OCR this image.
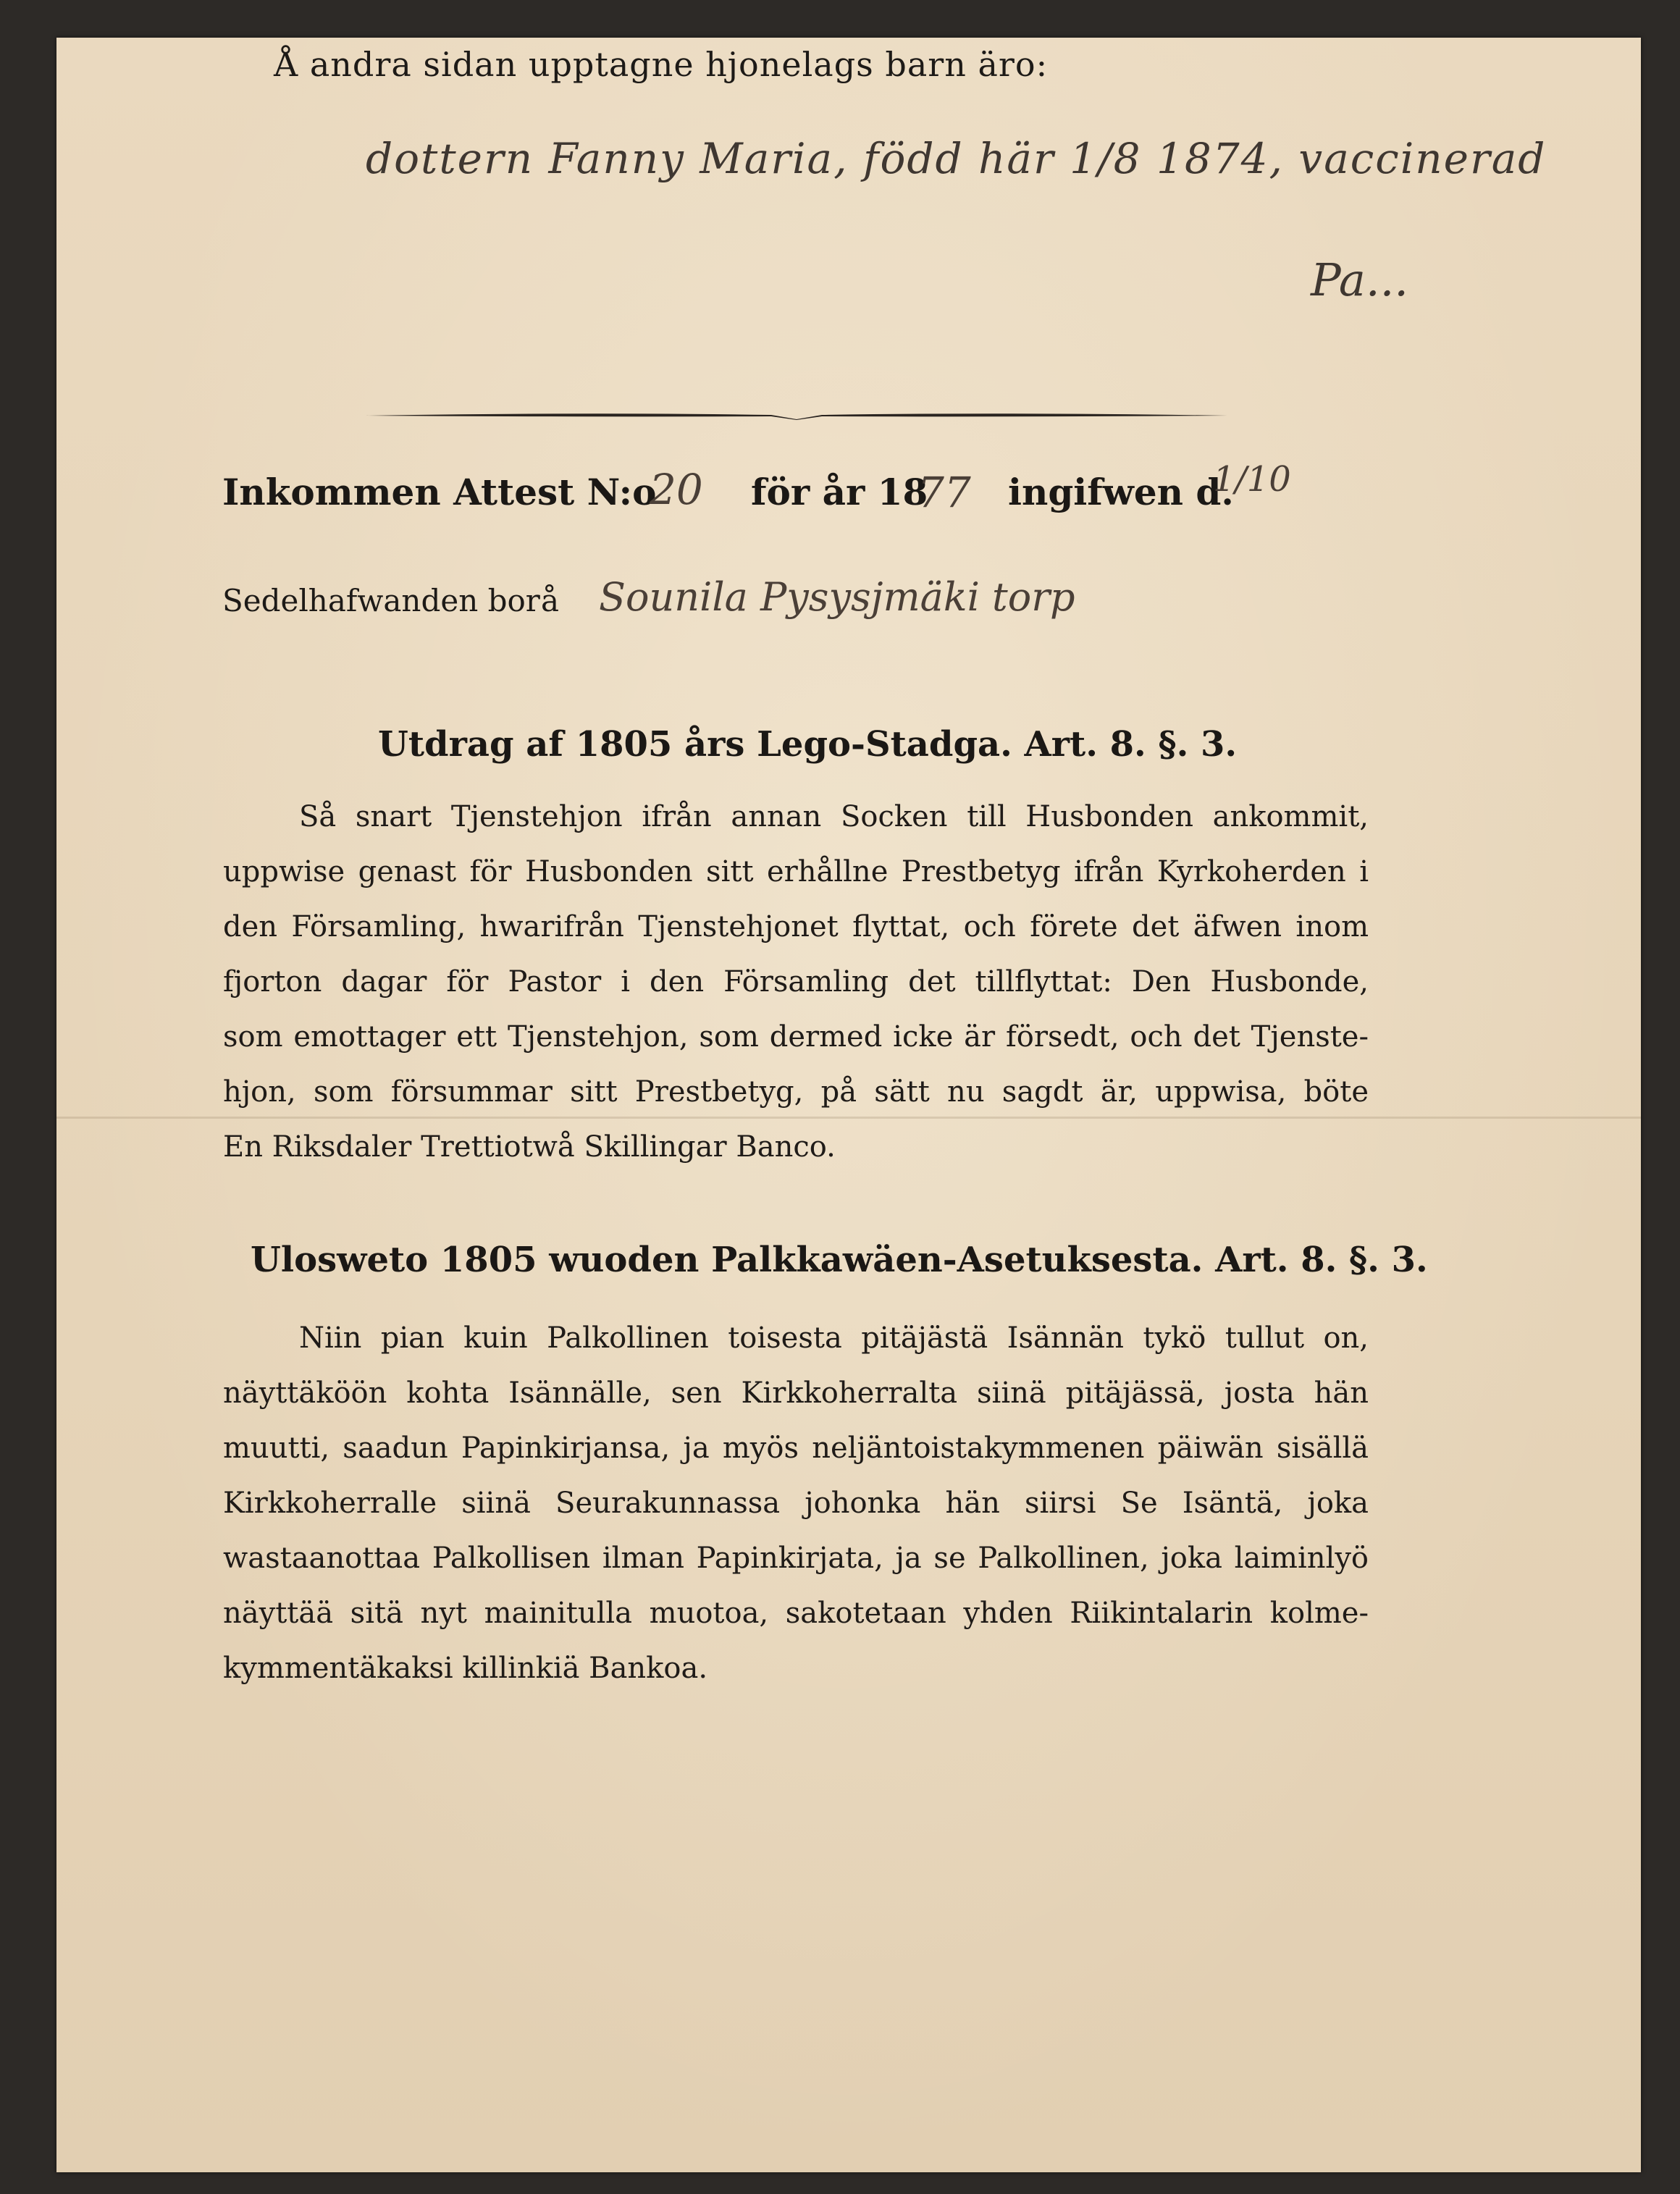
Å andra sidan upptagne hjonelags barn äro:
dottern Fanny Maria, född här 1/8 1874, vaccinerad
Pa...
Inkommen Attest N:o
20 för år 18
77 ingifwen d.
1/10
Sedelhafwanden bor å Sounila Pysysjmäki torp
Utdrag af 1805 års Lego-Stadga. Art. 8. §. 3.
Så snart Tjenstehjon ifrån annan Socken till Husbonden ankommit,
uppwise genast för Husbonden sitt erhållne Prestbetyg ifrån Kyrkoherden i
den Församling, hwarifrån Tjenstehjonet flyttat, och förete det äfwen inom
fjorton dagar för Pastor i den Församling det tillflyttat: Den Husbonde,
som emottager ett Tjenstehjon, som dermed icke är försedt, och det Tjenste-
hjon, som försummar sitt Prestbetyg, på sätt nu sagdt är, uppwisa, böte
En Riksdaler Trettiotwå Skillingar Banco.
Ulosweto 1805 wuoden Palkkawäen-Asetuksesta. Art. 8. §. 3.
Niin pian kuin Palkollinen toisesta pitäjästä Isännän tykö tullut on,
näyttäköön kohta Isännälle, sen Kirkkoherralta siinä pitäjässä, josta hän
muutti, saadun Papinkirjansa, ja myös neljäntoistakymmenen päiwän sisällä
Kirkkoherralle siinä Seurakunnassa johonka hän siirsi Se Isäntä, joka
wastaanottaa Palkollisen ilman Papinkirjata, ja se Palkollinen, joka laiminlyö
näyttää sitä nyt mainitulla muotoa, sakotetaan yhden Riikintalarin kolme-
kymmentäkaksi killinkiä Bankoa.
